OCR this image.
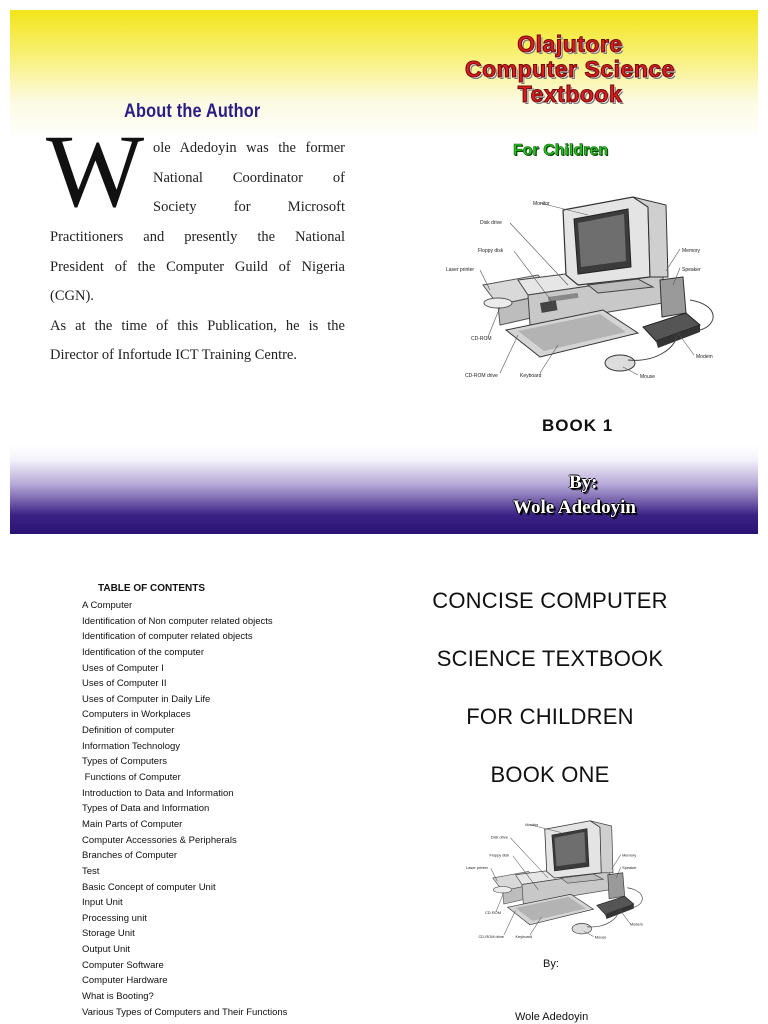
About the Author
W ole Adedoyin was the former
National Coordinator of
Society for Microsoft
Practitioners and presently the National
President of the Computer Guild of Nigeria
(CGN).
As at the time of this Publication, he is the
Director of Infortude ICT Training Centre.
Olajutore
Computer Science
Textbook
For Children
Monitor
Disk drive
Floppy disk
Laser printer
CD-ROM
CD-ROM drive	Keyboard	Mouse
Modem
Speaker
Memory
BOOK 1
By:
Wole Adedoyin
TABLE OF CONTENTS
A Computer
Identification of Non computer related objects
Identification of computer related objects
Identification of the computer
Uses of Computer I
Uses of Computer II
Uses of Computer in Daily Life
Computers in Workplaces
Definition of computer
Information Technology
Types of Computers
Functions of Computer
Introduction to Data and Information
Types of Data and Information
Main Parts of Computer
Computer Accessories & Peripherals
Branches of Computer
Test
Basic Concept of computer Unit
Input Unit
Processing unit
Storage Unit
Output Unit
Computer Software
Computer Hardware
What is Booting?
Various Types of Computers and Their Functions
CONCISE COMPUTER
SCIENCE TEXTBOOK
FOR CHILDREN
BOOK ONE
Monitor
Disk drive
Floppy disk
Laser printer
CD-ROM
CD-ROM drive Keyboard	Mouse
Modem
Speaker
Memory
By:
Wole Adedoyin
